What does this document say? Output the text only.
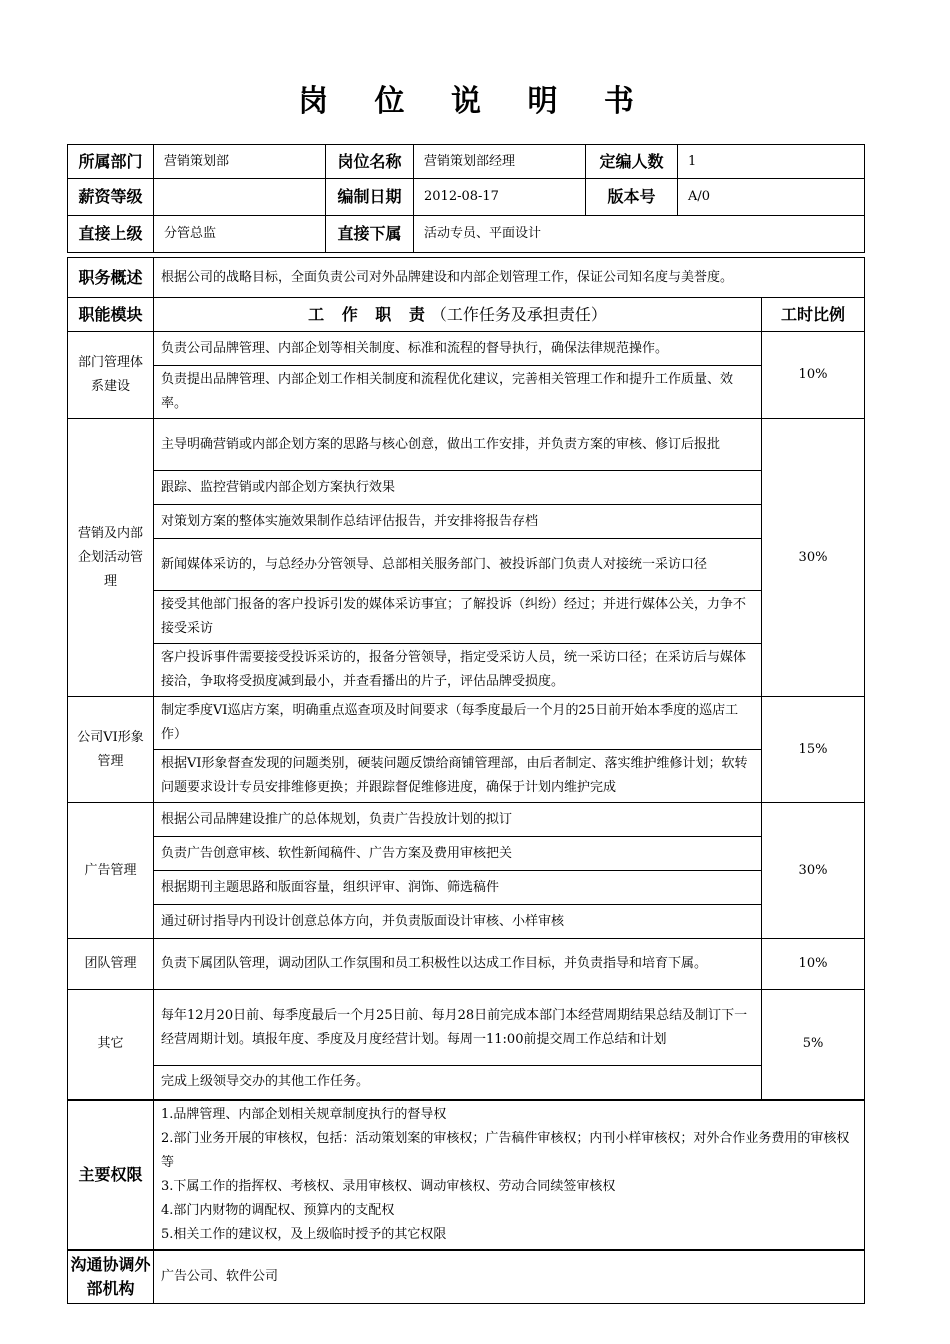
岗 位 说 明 书
所属部门	营销策划部	岗位名称	营销策划部经理	定编人数	1
薪资等级		编制日期	2012-08-17	版本号	A/0
直接上级	分管总监	直接下属	活动专员、平面设计		
职务概述	根据公司的战略目标，全面负责公司对外品牌建设和内部企划管理工作，保证公司知名度与美誉度。	
职能模块	工 作 职 责（工作任务及承担责任）	工时比例
部门管理体系建设	负责公司品牌管理、内部企划等相关制度、标准和流程的督导执行，确保法律规范操作。	10%
	负责提出品牌管理、内部企划工作相关制度和流程优化建议，完善相关管理工作和提升工作质量、效率。	
营销及内部企划活动管理	主导明确营销或内部企划方案的思路与核心创意，做出工作安排，并负责方案的审核、修订后报批	30%
	跟踪、监控营销或内部企划方案执行效果	
	对策划方案的整体实施效果制作总结评估报告，并安排将报告存档	
	新闻媒体采访的，与总经办分管领导、总部相关服务部门、被投诉部门负责人对接统一采访口径	
	接受其他部门报备的客户投诉引发的媒体采访事宜；了解投诉（纠纷）经过；并进行媒体公关，力争不接受采访	
	客户投诉事件需要接受投诉采访的，报备分管领导，指定受采访人员，统一采访口径；在采访后与媒体接洽，争取将受损度减到最小，并查看播出的片子，评估品牌受损度。	
公司VI形象管理	制定季度VI巡店方案，明确重点巡查项及时间要求（每季度最后一个月的25日前开始本季度的巡店工作）	15%
	根据VI形象督查发现的问题类别，硬装问题反馈给商铺管理部，由后者制定、落实维护维修计划；软转问题要求设计专员安排维修更换；并跟踪督促维修进度，确保于计划内维护完成	
广告管理	根据公司品牌建设推广的总体规划，负责广告投放计划的拟订	30%
	负责广告创意审核、软性新闻稿件、广告方案及费用审核把关	
	根据期刊主题思路和版面容量，组织评审、润饰、筛选稿件	
	通过研讨指导内刊设计创意总体方向，并负责版面设计审核、小样审核	
团队管理	负责下属团队管理，调动团队工作氛围和员工积极性以达成工作目标，并负责指导和培育下属。	10%
其它	每年12月20日前、每季度最后一个月25日前、每月28日前完成本部门本经营周期结果总结及制订下一经营周期计划。填报年度、季度及月度经营计划。每周一11:00前提交周工作总结和计划	5%
	完成上级领导交办的其他工作任务。	
主要权限	1.品牌管理、内部企划相关规章制度执行的督导权
2.部门业务开展的审核权，包括：活动策划案的审核权；广告稿件审核权；内刊小样审核权；对外合作业务费用的审核权等
3.下属工作的指挥权、考核权、录用审核权、调动审核权、劳动合同续签审核权
4.部门内财物的调配权、预算内的支配权
5.相关工作的建议权，及上级临时授予的其它权限	

沟通协调外部机构	广告公司、软件公司	
